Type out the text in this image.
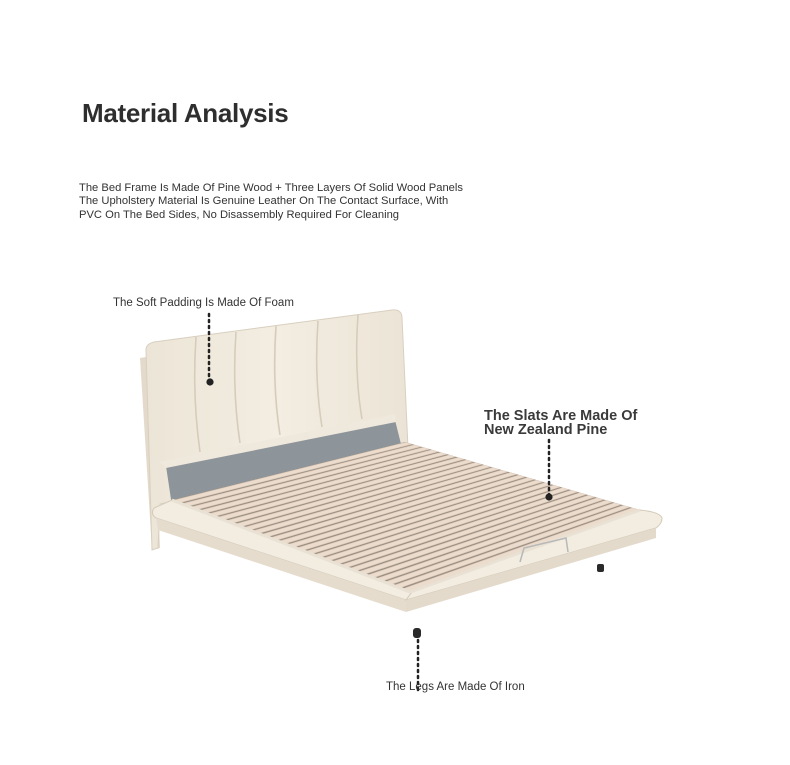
Material Analysis
The Bed Frame Is Made Of Pine Wood + Three Layers Of Solid Wood Panels
The Upholstery Material Is Genuine Leather On The Contact Surface, With
PVC On The Bed Sides, No Disassembly Required For Cleaning
The Soft Padding Is Made Of Foam
The Slats Are Made Of
New Zealand Pine
The Legs Are Made Of Iron
